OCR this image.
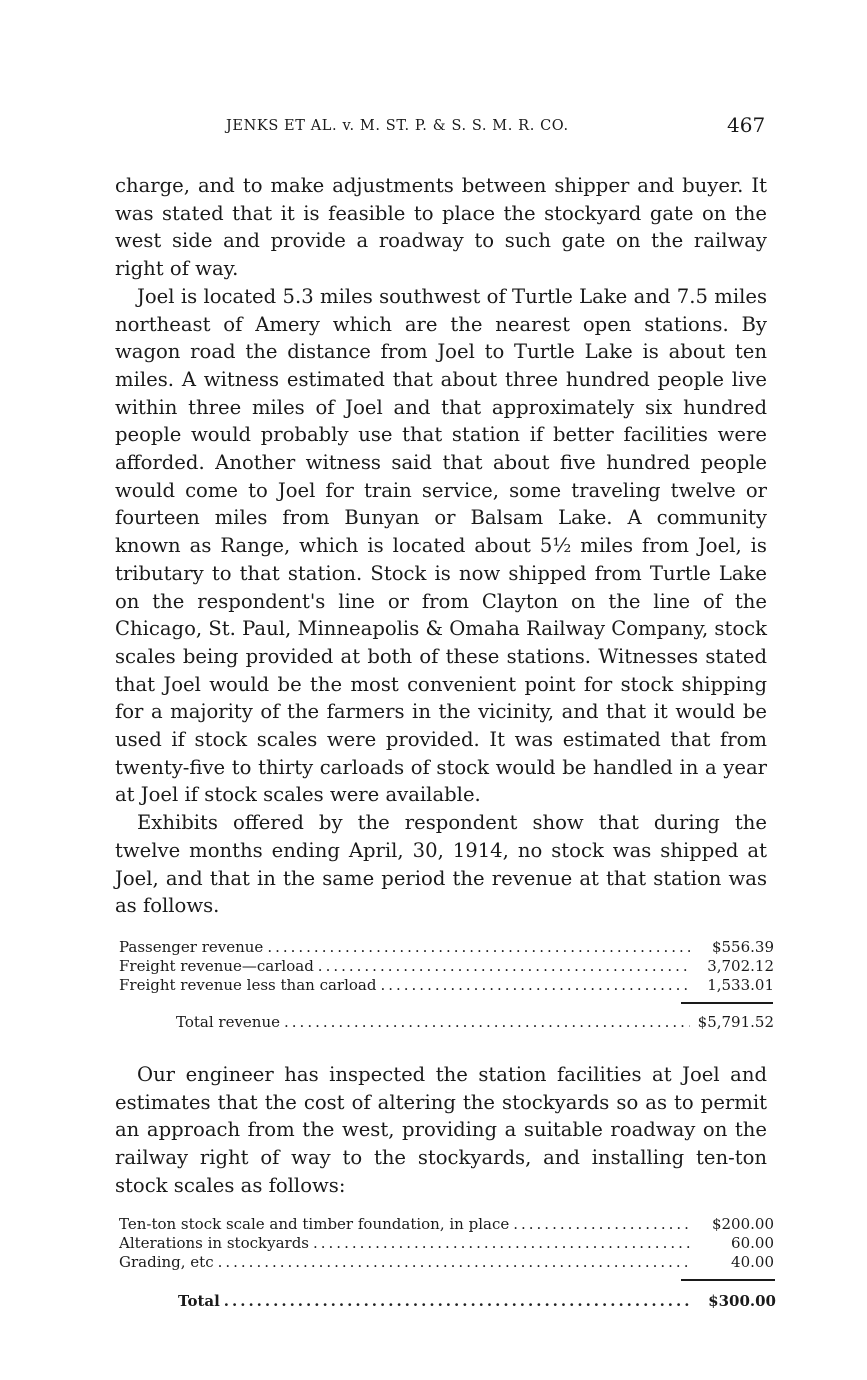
JENKS ET AL. v. M. ST. P. & S. S. M. R. CO.	467

charge, and to make adjustments between shipper and buyer. It was stated that it is feasible to place the stockyard gate on the west side and provide a roadway to such gate on the railway right of way.

Joel is located 5.3 miles southwest of Turtle Lake and 7.5 miles northeast of Amery which are the nearest open stations. By wagon road the distance from Joel to Turtle Lake is about ten miles. A witness estimated that about three hundred people live within three miles of Joel and that approximately six hundred people would probably use that station if better facilities were afforded. Another witness said that about five hundred people would come to Joel for train service, some traveling twelve or fourteen miles from Bunyan or Balsam Lake. A community known as Range, which is located about 5½ miles from Joel, is tributary to that station. Stock is now shipped from Turtle Lake on the respondent's line or from Clayton on the line of the Chicago, St. Paul, Minneapolis & Omaha Railway Company, stock scales being provided at both of these stations. Witnesses stated that Joel would be the most convenient point for stock shipping for a majority of the farmers in the vicinity, and that it would be used if stock scales were provided. It was estimated that from twenty-five to thirty carloads of stock would be handled in a year at Joel if stock scales were available.

Exhibits offered by the respondent show that during the twelve months ending April, 30, 1914, no stock was shipped at Joel, and that in the same period the revenue at that station was as follows.

Passenger revenue .....	$556.39
Freight revenue—carload .....	3,702.12
Freight revenue less than carload .....	1,533.01
Total revenue .....	$5,791.52

Our engineer has inspected the station facilities at Joel and estimates that the cost of altering the stockyards so as to permit an approach from the west, providing a suitable roadway on the railway right of way to the stockyards, and installing ten-ton stock scales as follows:

Ten-ton stock scale and timber foundation, in place .....	$200.00
Alterations in stockyards .....	60.00
Grading, etc .....	40.00
Total .....	$300.00
